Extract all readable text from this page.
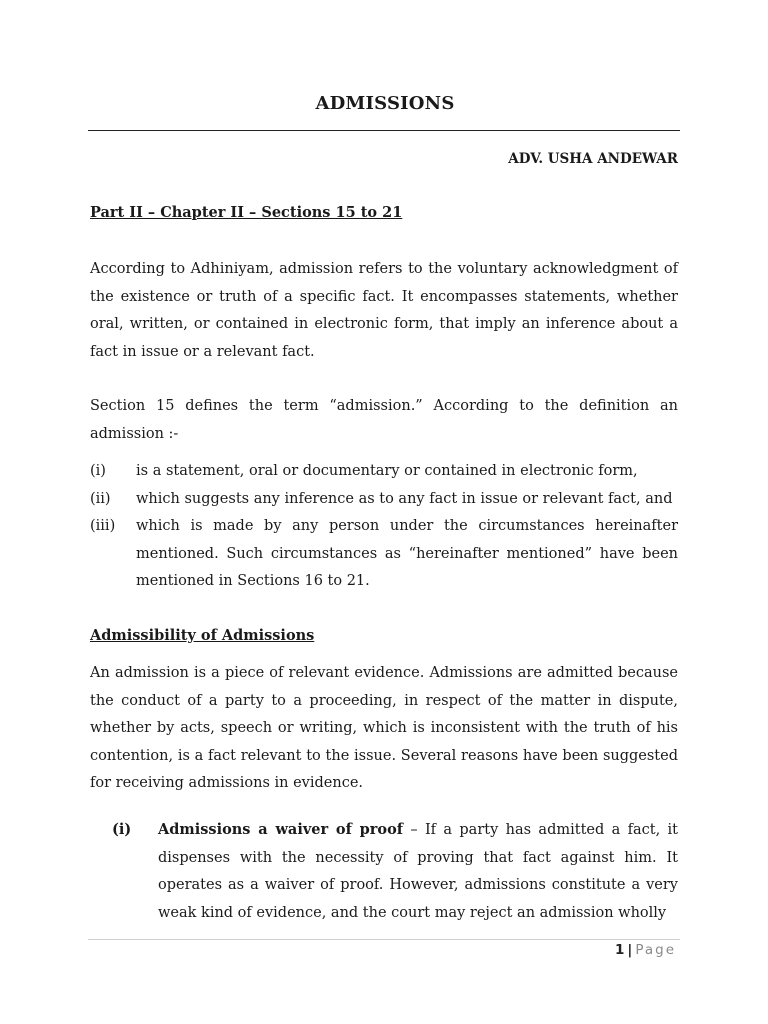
ADMISSIONS
ADV. USHA ANDEWAR
Part II – Chapter II – Sections 15 to 21
According to Adhiniyam, admission refers to the voluntary acknowledgment of the existence or truth of a specific fact. It encompasses statements, whether oral, written, or contained in electronic form, that imply an inference about a fact in issue or a relevant fact.
Section 15 defines the term “admission.” According to the definition an admission :-
(i)	is a statement, oral or documentary or contained in electronic form,
(ii)	which suggests any inference as to any fact in issue or relevant fact, and
(iii)	which is made by any person under the circumstances hereinafter mentioned. Such circumstances as “hereinafter mentioned” have been mentioned in Sections 16 to 21.
Admissibility of Admissions
An admission is a piece of relevant evidence. Admissions are admitted because the conduct of a party to a proceeding, in respect of the matter in dispute, whether by acts, speech or writing, which is inconsistent with the truth of his contention, is a fact relevant to the issue. Several reasons have been suggested for receiving admissions in evidence.
(i)	Admissions a waiver of proof – If a party has admitted a fact, it dispenses with the necessity of proving that fact against him. It operates as a waiver of proof. However, admissions constitute a very weak kind of evidence, and the court may reject an admission wholly
1 | Page
